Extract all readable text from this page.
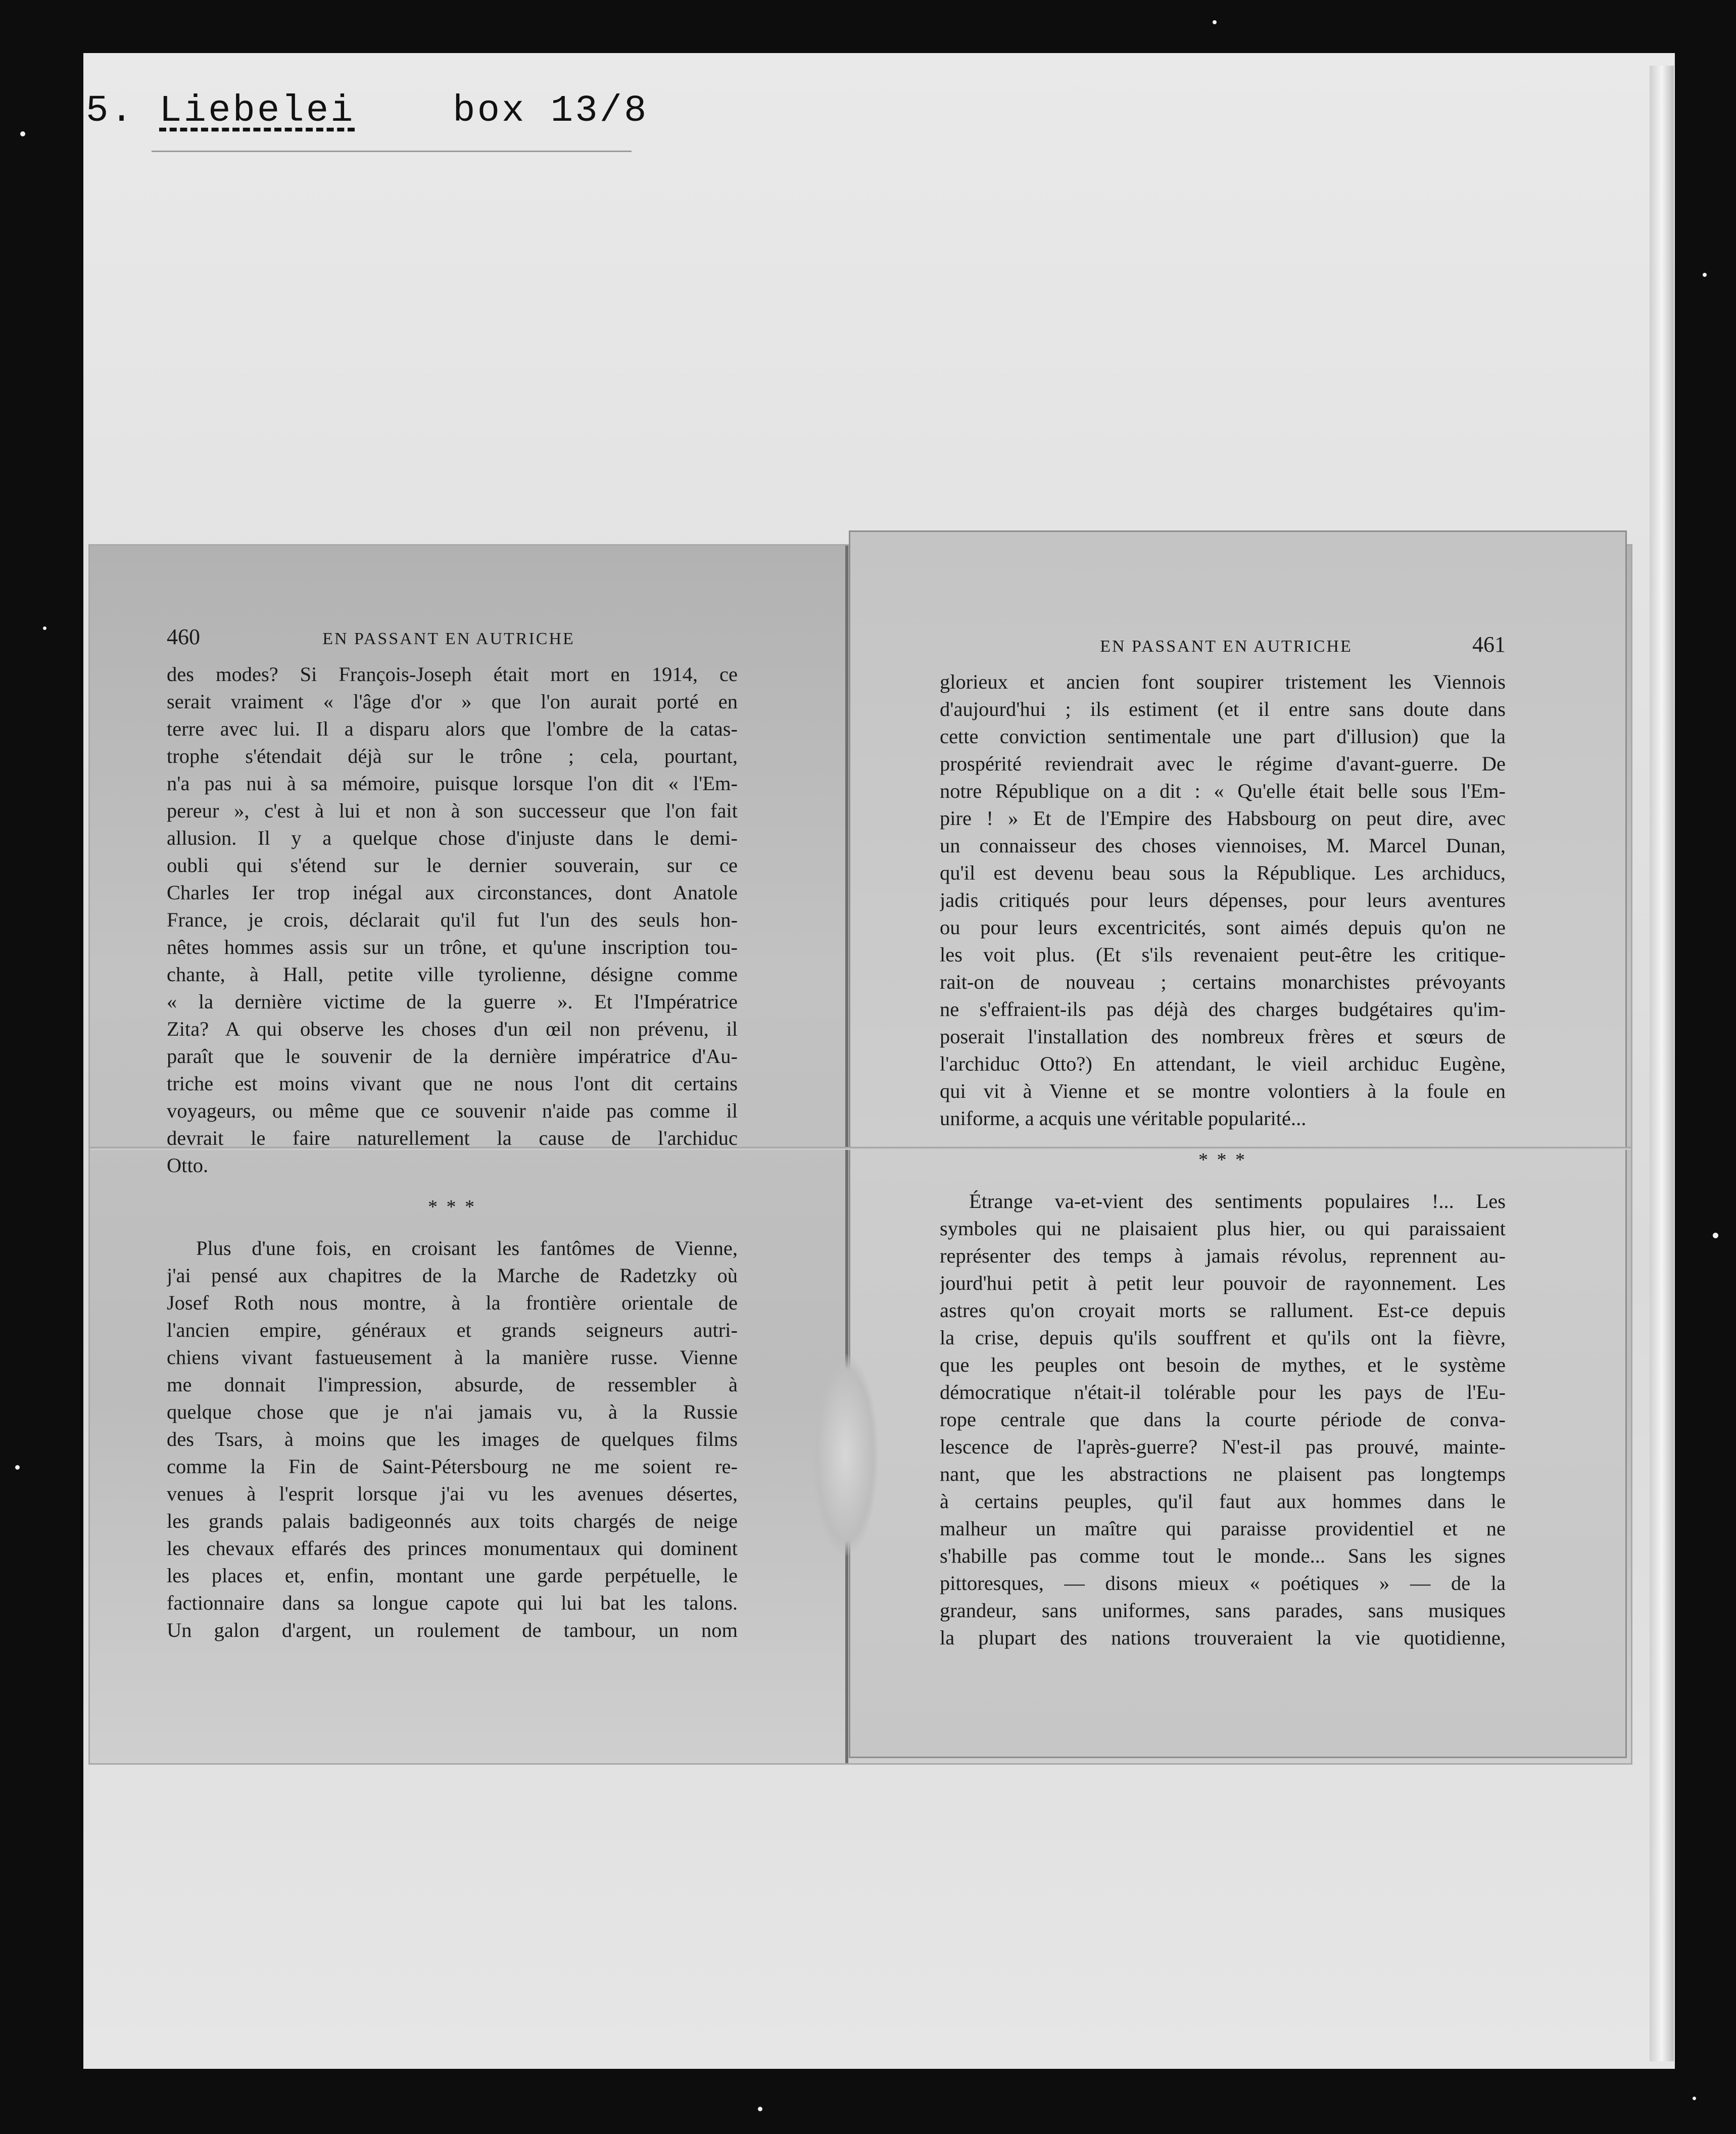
5. Liebelei	box 13/8
460	EN PASSANT EN AUTRICHE
des modes? Si François-Joseph était mort en 1914, ce
serait vraiment « l'âge d'or » que l'on aurait porté en
terre avec lui. Il a disparu alors que l'ombre de la catas-
trophe s'étendait déjà sur le trône ; cela, pourtant,
n'a pas nui à sa mémoire, puisque lorsque l'on dit « l'Em-
pereur », c'est à lui et non à son successeur que l'on fait
allusion. Il y a quelque chose d'injuste dans le demi-
oubli qui s'étend sur le dernier souverain, sur ce
Charles Ier trop inégal aux circonstances, dont Anatole
France, je crois, déclarait qu'il fut l'un des seuls hon-
nêtes hommes assis sur un trône, et qu'une inscription tou-
chante, à Hall, petite ville tyrolienne, désigne comme
« la dernière victime de la guerre ». Et l'Impératrice
Zita? A qui observe les choses d'un œil non prévenu, il
paraît que le souvenir de la dernière impératrice d'Au-
triche est moins vivant que ne nous l'ont dit certains
voyageurs, ou même que ce souvenir n'aide pas comme il
devrait le faire naturellement la cause de l'archiduc
Otto.
* * *
Plus d'une fois, en croisant les fantômes de Vienne,
j'ai pensé aux chapitres de la Marche de Radetzky où
Josef Roth nous montre, à la frontière orientale de
l'ancien empire, généraux et grands seigneurs autri-
chiens vivant fastueusement à la manière russe. Vienne
me donnait l'impression, absurde, de ressembler à
quelque chose que je n'ai jamais vu, à la Russie
des Tsars, à moins que les images de quelques films
comme la Fin de Saint-Pétersbourg ne me soient re-
venues à l'esprit lorsque j'ai vu les avenues désertes,
les grands palais badigeonnés aux toits chargés de neige
les chevaux effarés des princes monumentaux qui dominent
les places et, enfin, montant une garde perpétuelle, le
factionnaire dans sa longue capote qui lui bat les talons.
Un galon d'argent, un roulement de tambour, un nom
EN PASSANT EN AUTRICHE	461
glorieux et ancien font soupirer tristement les Viennois
d'aujourd'hui ; ils estiment (et il entre sans doute dans
cette conviction sentimentale une part d'illusion) que la
prospérité reviendrait avec le régime d'avant-guerre. De
notre République on a dit : « Qu'elle était belle sous l'Em-
pire ! » Et de l'Empire des Habsbourg on peut dire, avec
un connaisseur des choses viennoises, M. Marcel Dunan,
qu'il est devenu beau sous la République. Les archiducs,
jadis critiqués pour leurs dépenses, pour leurs aventures
ou pour leurs excentricités, sont aimés depuis qu'on ne
les voit plus. (Et s'ils revenaient peut-être les critique-
rait-on de nouveau ; certains monarchistes prévoyants
ne s'effraient-ils pas déjà des charges budgétaires qu'im-
poserait l'installation des nombreux frères et sœurs de
l'archiduc Otto?) En attendant, le vieil archiduc Eugène,
qui vit à Vienne et se montre volontiers à la foule en
uniforme, a acquis une véritable popularité...
* * *
Étrange va-et-vient des sentiments populaires !... Les
symboles qui ne plaisaient plus hier, ou qui paraissaient
représenter des temps à jamais révolus, reprennent au-
jourd'hui petit à petit leur pouvoir de rayonnement. Les
astres qu'on croyait morts se rallument. Est-ce depuis
la crise, depuis qu'ils souffrent et qu'ils ont la fièvre,
que les peuples ont besoin de mythes, et le système
démocratique n'était-il tolérable pour les pays de l'Eu-
rope centrale que dans la courte période de conva-
lescence de l'après-guerre? N'est-il pas prouvé, mainte-
nant, que les abstractions ne plaisent pas longtemps
à certains peuples, qu'il faut aux hommes dans le
malheur un maître qui paraisse providentiel et ne
s'habille pas comme tout le monde... Sans les signes
pittoresques, — disons mieux « poétiques » — de la
grandeur, sans uniformes, sans parades, sans musiques
la plupart des nations trouveraient la vie quotidienne,
